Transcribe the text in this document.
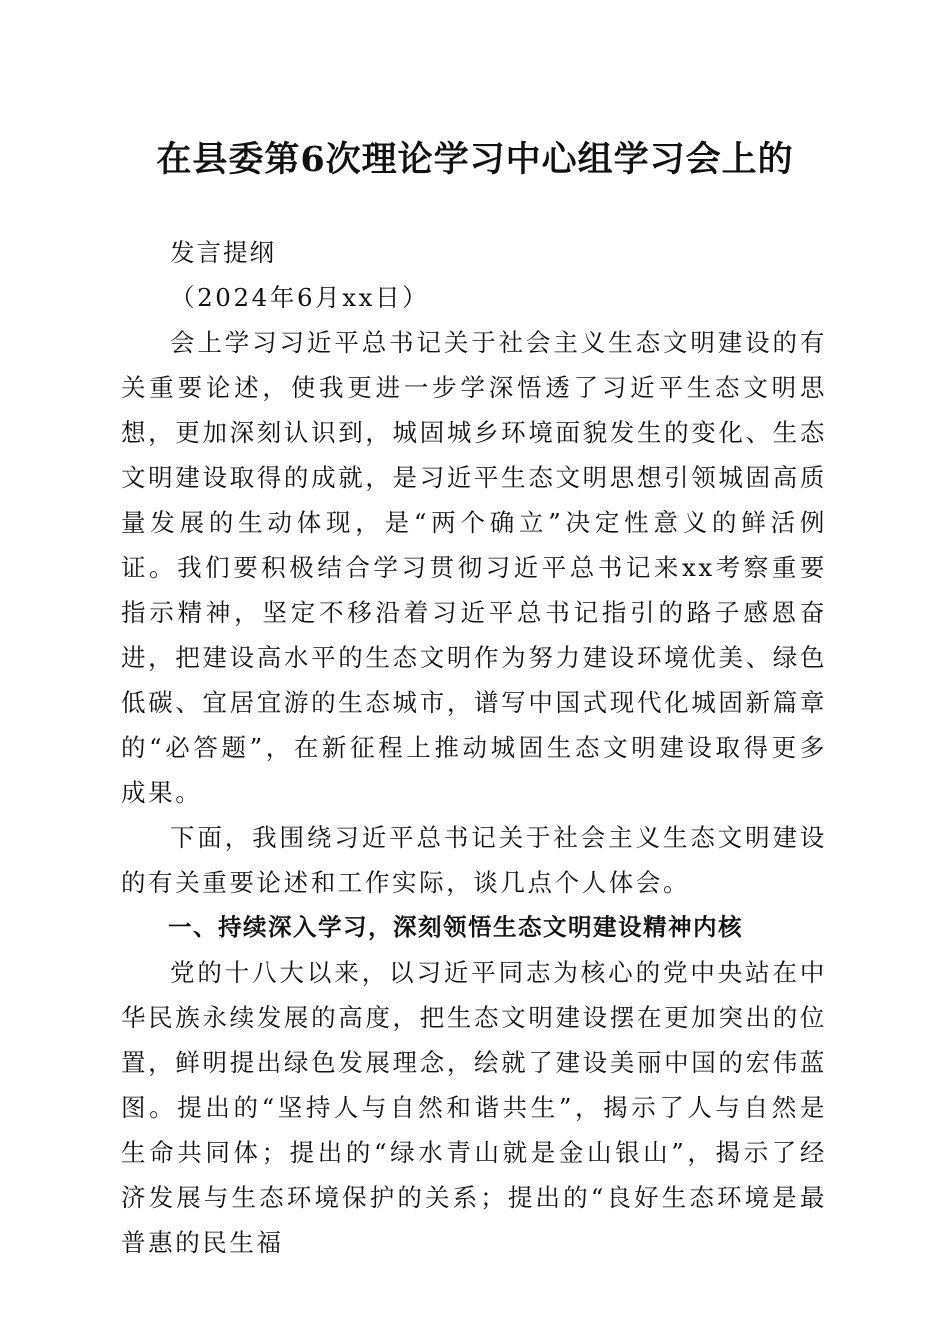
在县委第6次理论学习中心组学习会上的

发言提纲

（2024年6月xx日）

会上学习习近平总书记关于社会主义生态文明建设的有关重要论述，使我更进一步学深悟透了习近平生态文明思想，更加深刻认识到，城固城乡环境面貌发生的变化、生态文明建设取得的成就，是习近平生态文明思想引领城固高质量发展的生动体现，是“两个确立”决定性意义的鲜活例证。我们要积极结合学习贯彻习近平总书记来xx考察重要指示精神，坚定不移沿着习近平总书记指引的路子感恩奋进，把建设高水平的生态文明作为努力建设环境优美、绿色低碳、宜居宜游的生态城市，谱写中国式现代化城固新篇章的“必答题”，在新征程上推动城固生态文明建设取得更多成果。

下面，我围绕习近平总书记关于社会主义生态文明建设的有关重要论述和工作实际，谈几点个人体会。

一、持续深入学习，深刻领悟生态文明建设精神内核

党的十八大以来，以习近平同志为核心的党中央站在中华民族永续发展的高度，把生态文明建设摆在更加突出的位置，鲜明提出绿色发展理念，绘就了建设美丽中国的宏伟蓝图。提出的“坚持人与自然和谐共生”，揭示了人与自然是生命共同体；提出的“绿水青山就是金山银山”，揭示了经济发展与生态环境保护的关系；提出的“良好生态环境是最普惠的民生福
